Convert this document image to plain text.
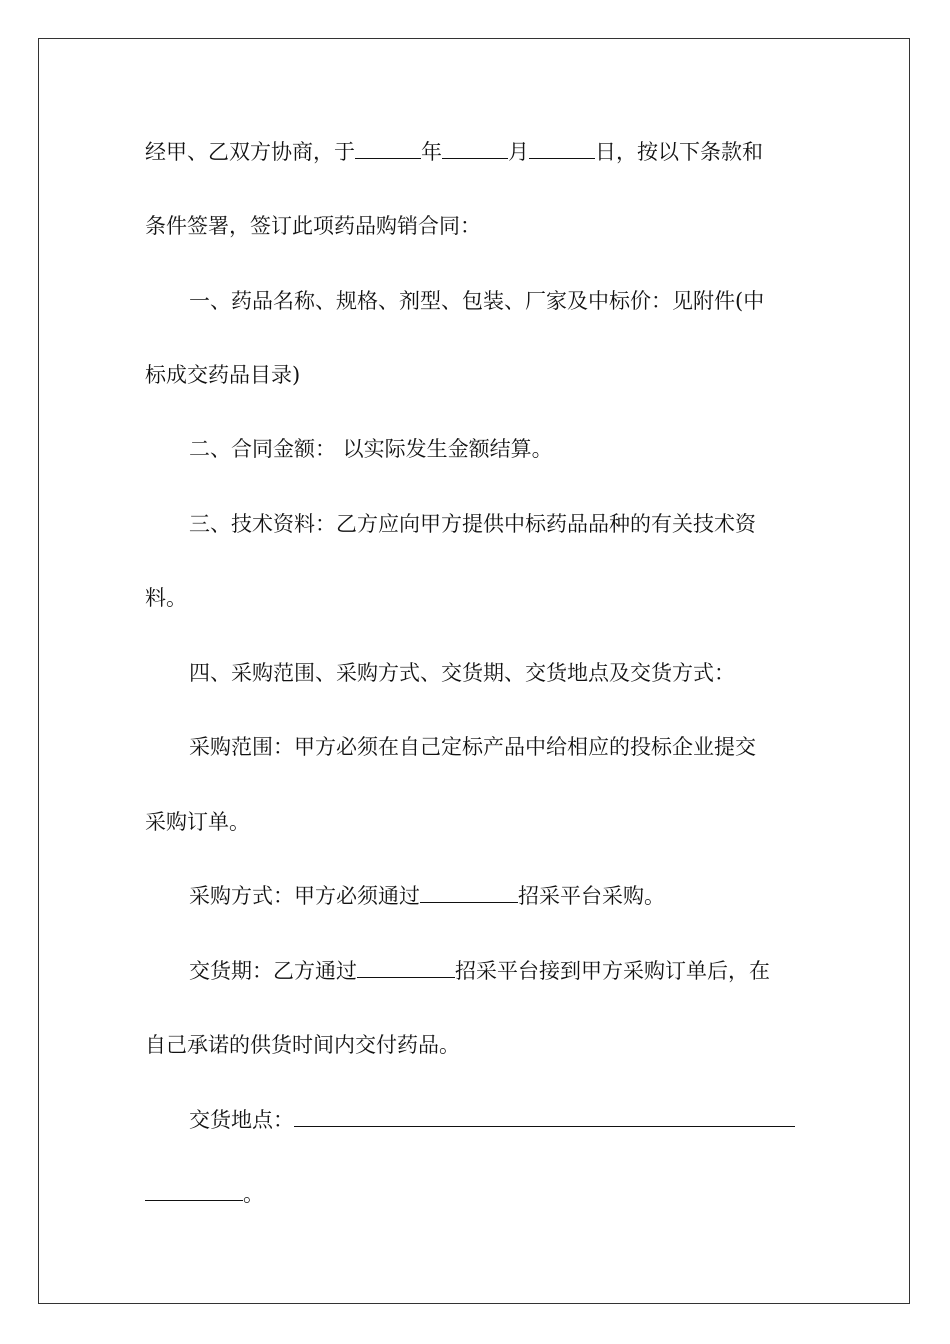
经甲、乙双方协商，于	年	月	日，按以下条款和
条件签署，签订此项药品购销合同：
一、药品名称、规格、剂型、包装、厂家及中标价：见附件(中
标成交药品目录)
二、合同金额： 以实际发生金额结算。
三、技术资料：乙方应向甲方提供中标药品品种的有关技术资
料。
四、采购范围、采购方式、交货期、交货地点及交货方式：
采购范围：甲方必须在自己定标产品中给相应的投标企业提交
采购订单。
采购方式：甲方必须通过	招采平台采购。
交货期：乙方通过	招采平台接到甲方采购订单后，在
自己承诺的供货时间内交付药品。
交货地点：
。
